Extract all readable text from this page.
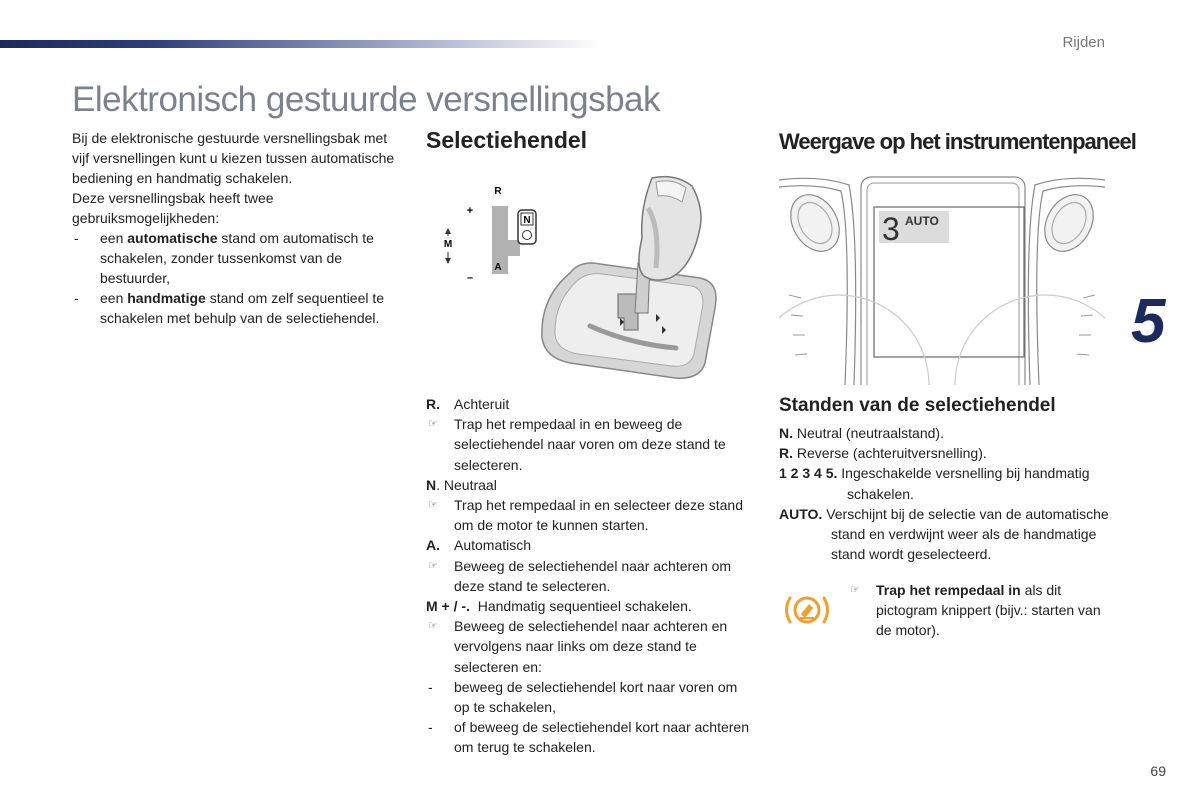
Rijden
Elektronisch gestuurde versnellingsbak
5
69

Bij de elektronische gestuurde versnellingsbak met vijf versnellingen kunt u kiezen tussen automatische bediening en handmatig schakelen.

Deze versnellingsbak heeft twee gebruiksmogelijkheden:

- een automatische stand om automatisch te schakelen, zonder tussenkomst van de bestuurder,
- een handmatige stand om zelf sequentieel te schakelen met behulp van de selectiehendel.
Selectiehendel
N
R
A
M
+
–
R. Achteruit
☞ Trap het rempedaal in en beweeg de selectiehendel naar voren om deze stand te selecteren.
N. Neutraal
☞ Trap het rempedaal in en selecteer deze stand om de motor te kunnen starten.
A. Automatisch
☞ Beweeg de selectiehendel naar achteren om deze stand te selecteren.
M + / -. Handmatig sequentieel schakelen.
☞ Beweeg de selectiehendel naar achteren en vervolgens naar links om deze stand te selecteren en:
- beweeg de selectiehendel kort naar voren om op te schakelen,
- of beweeg de selectiehendel kort naar achteren om terug te schakelen.
Weergave op het instrumentenpaneel
3 AUTO
Standen van de selectiehendel
N. Neutral (neutraalstand).
R. Reverse (achteruitversnelling).
1 2 3 4 5. Ingeschakelde versnelling bij handmatig schakelen.
AUTO. Verschijnt bij de selectie van de automatische stand en verdwijnt weer als de handmatige stand wordt geselecteerd.
☞ Trap het rempedaal in als dit pictogram knippert (bijv.: starten van de motor).
